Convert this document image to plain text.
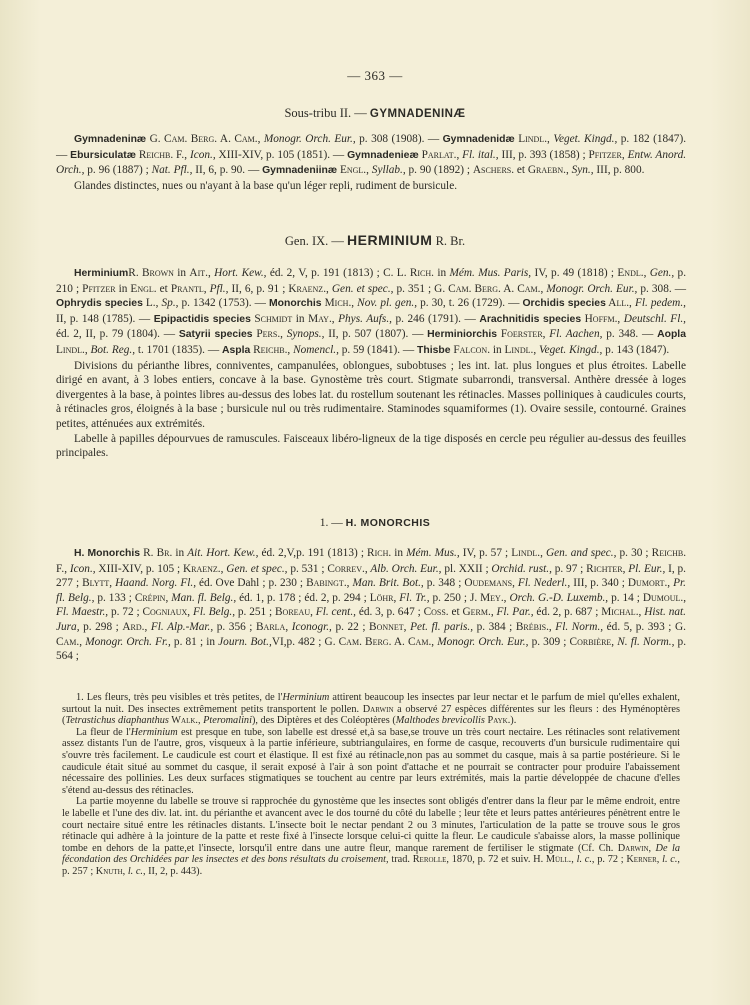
— 363 —
Sous-tribu II. — GYMNADENINÆ

Gymnadeninæ G. Cam. Berg. A. Cam., Monogr. Orch. Eur., p. 308 (1908). — Gymnadenidæ Lindl., Veget. Kingd., p. 182 (1847). — Ebursiculatæ Reichb. F., Icon., XIII-XIV, p. 105 (1851). — Gymnadenieæ Parlat., Fl. ital., III, p. 393 (1858) ; Pfitzer, Entw. Anord. Orch., p. 96 (1887) ; Nat. Pfl., II, 6, p. 90. — Gymnadeniinæ Engl., Syllab., p. 90 (1892) ; Aschers. et Graebn., Syn., III, p. 800.

Glandes distinctes, nues ou n'ayant à la base qu'un léger repli, rudiment de bursicule.

Gen. IX. — HERMINIUM R. Br.

HerminiumR. Brown in Ait., Hort. Kew., éd. 2, V, p. 191 (1813) ; C. L. Rich. in Mém. Mus. Paris, IV, p. 49 (1818) ; Endl., Gen., p. 210 ; Pfitzer in Engl. et Prantl, Pfl., II, 6, p. 91 ; Kraenz., Gen. et spec., p. 351 ; G. Cam. Berg. A. Cam., Monogr. Orch. Eur., p. 308. — Ophrydis species L., Sp., p. 1342 (1753). — Monorchis Mich., Nov. pl. gen., p. 30, t. 26 (1729). — Orchidis species All., Fl. pedem., II, p. 148 (1785). — Epipactidis species Schmidt in May., Phys. Aufs., p. 246 (1791). — Arachnitidis species Hoffm., Deutschl. Fl., éd. 2, II, p. 79 (1804). — Satyrii species Pers., Synops., II, p. 507 (1807). — Herminiorchis Foerster, Fl. Aachen, p. 348. — Aopla Lindl., Bot. Reg., t. 1701 (1835). — Aspla Reichb., Nomencl., p. 59 (1841). — Thisbe Falcon. in Lindl., Veget. Kingd., p. 143 (1847).

Divisions du périanthe libres, conniventes, campanulées, oblongues, subobtuses ; les int. lat. plus longues et plus étroites. Labelle dirigé en avant, à 3 lobes entiers, concave à la base. Gynostème très court. Stigmate subarrondi, transversal. Anthère dressée à loges divergentes à la base, à pointes libres au-dessus des lobes lat. du rostellum soutenant les rétinacles. Masses polliniques à caudicules courts, à rétinacles gros, éloignés à la base ; bursicule nul ou très rudimentaire. Staminodes squamiformes (1). Ovaire sessile, contourné. Graines petites, atténuées aux extrémités.

Labelle à papilles dépourvues de ramuscules. Faisceaux libéro-ligneux de la tige disposés en cercle peu régulier au-dessus des feuilles principales.

1. — H. MONORCHIS

H. Monorchis R. Br. in Ait. Hort. Kew., éd. 2,V,p. 191 (1813) ; Rich. in Mém. Mus., IV, p. 57 ; Lindl., Gen. and spec., p. 30 ; Reichb. F., Icon., XIII-XIV, p. 105 ; Kraenz., Gen. et spec., p. 531 ; Correv., Alb. Orch. Eur., pl. XXII ; Orchid. rust., p. 97 ; Richter, Pl. Eur., I, p. 277 ; Blytt, Haand. Norg. Fl., éd. Ove Dahl ; p. 230 ; Babingt., Man. Brit. Bot., p. 348 ; Oudemans, Fl. Nederl., III, p. 340 ; Dumort., Pr. fl. Belg., p. 133 ; Crépin, Man. fl. Belg., éd. 1, p. 178 ; éd. 2, p. 294 ; Löhr, Fl. Tr., p. 250 ; J. Mey., Orch. G.-D. Luxemb., p. 14 ; Dumoul., Fl. Maestr., p. 72 ; Cogniaux, Fl. Belg., p. 251 ; Boreau, Fl. cent., éd. 3, p. 647 ; Coss. et Germ., Fl. Par., éd. 2, p. 687 ; Michal., Hist. nat. Jura, p. 298 ; Ard., Fl. Alp.-Mar., p. 356 ; Barla, Iconogr., p. 22 ; Bonnet, Pet. fl. paris., p. 384 ; Brébis., Fl. Norm., éd. 5, p. 393 ; G. Cam., Monogr. Orch. Fr., p. 81 ; in Journ. Bot.,VI,p. 482 ; G. Cam. Berg. A. Cam., Monogr. Orch. Eur., p. 309 ; Corbière, N. fl. Norm., p. 564 ;

1. Les fleurs, très peu visibles et très petites, de l'Herminium attirent beaucoup les insectes par leur nectar et le parfum de miel qu'elles exhalent, surtout la nuit. Des insectes extrêmement petits transportent le pollen. Darwin a observé 27 espèces différentes sur les fleurs : des Hyménoptères (Tetrastichus diaphanthus Walk., Pteromalini), des Diptères et des Coléoptères (Malthodes brevicollis Payk.).

La fleur de l'Herminium est presque en tube, son labelle est dressé et,à sa base,se trouve un très court nectaire. Les rétinacles sont relativement assez distants l'un de l'autre, gros, visqueux à la partie inférieure, subtriangulaires, en forme de casque, recouverts d'un bursicule rudimentaire qui s'ouvre très facilement. Le caudicule est court et élastique. Il est fixé au rétinacle,non pas au sommet du casque, mais à sa partie postérieure. Si le caudicule était situé au sommet du casque, il serait exposé à l'air à son point d'attache et ne pourrait se contracter pour produire l'abaissement nécessaire des pollinies. Les deux surfaces stigmatiques se touchent au centre par leurs extrémités, mais la partie développée de chacune d'elles s'étend au-dessus des rétinacles.

La partie moyenne du labelle se trouve si rapprochée du gynostème que les insectes sont obligés d'entrer dans la fleur par le même endroit, entre le labelle et l'une des div. lat. int. du périanthe et avancent avec le dos tourné du côté du labelle ; leur tête et leurs pattes antérieures pénètrent entre le court nectaire situé entre les rétinacles distants. L'insecte boit le nectar pendant 2 ou 3 minutes, l'articulation de la patte se trouve sous le gros rétinacle qui adhère à la jointure de la patte et reste fixé à l'insecte lorsque celui-ci quitte la fleur. Le caudicule s'abaisse alors, la masse pollinique tombe en dehors de la patte,et l'insecte, lorsqu'il entre dans une autre fleur, manque rarement de fertiliser le stigmate (Cf. Ch. Darwin, De la fécondation des Orchidées par les insectes et des bons résultats du croisement, trad. Rerolle, 1870, p. 72 et suiv. H. Müll., l. c., p. 72 ; Kerner, l. c., p. 257 ; Knuth, l. c., II, 2, p. 443).
